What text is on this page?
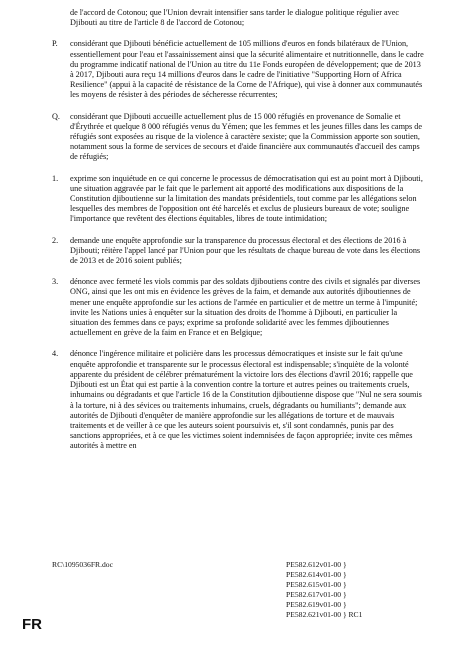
de l'accord de Cotonou; que l'Union devrait intensifier sans tarder le dialogue politique régulier avec Djibouti au titre de l'article 8 de l'accord de Cotonou;

P.	considérant que Djibouti bénéficie actuellement de 105 millions d'euros en fonds bilatéraux de l'Union, essentiellement pour l'eau et l'assainissement ainsi que la sécurité alimentaire et nutritionnelle, dans le cadre du programme indicatif national de l'Union au titre du 11e Fonds européen de développement; que de 2013 à 2017, Djibouti aura reçu 14 millions d'euros dans le cadre de l'initiative "Supporting Horn of Africa Resilience" (appui à la capacité de résistance de la Corne de l'Afrique), qui vise à donner aux communautés les moyens de résister à des périodes de sécheresse récurrentes;
Q.	considérant que Djibouti accueille actuellement plus de 15 000 réfugiés en provenance de Somalie et d'Érythrée et quelque 8 000 réfugiés venus du Yémen; que les femmes et les jeunes filles dans les camps de réfugiés sont exposées au risque de la violence à caractère sexiste; que la Commission apporte son soutien, notamment sous la forme de services de secours et d'aide financière aux communautés d'accueil des camps de réfugiés;
1.	exprime son inquiétude en ce qui concerne le processus de démocratisation qui est au point mort à Djibouti, une situation aggravée par le fait que le parlement ait apporté des modifications aux dispositions de la Constitution djiboutienne sur la limitation des mandats présidentiels, tout comme par les allégations selon lesquelles des membres de l'opposition ont été harcelés et exclus de plusieurs bureaux de vote; souligne l'importance que revêtent des élections équitables, libres de toute intimidation;
2.	demande une enquête approfondie sur la transparence du processus électoral et des élections de 2016 à Djibouti; réitère l'appel lancé par l'Union pour que les résultats de chaque bureau de vote dans les élections de 2013 et de 2016 soient publiés;
3.	dénonce avec fermeté les viols commis par des soldats djiboutiens contre des civils et signalés par diverses ONG, ainsi que les ont mis en évidence les grèves de la faim, et demande aux autorités djiboutiennes de mener une enquête approfondie sur les actions de l'armée en particulier et de mettre un terme à l'impunité; invite les Nations unies à enquêter sur la situation des droits de l'homme à Djibouti, en particulier la situation des femmes dans ce pays; exprime sa profonde solidarité avec les femmes djiboutiennes actuellement en grève de la faim en France et en Belgique;
4.	dénonce l'ingérence militaire et policière dans les processus démocratiques et insiste sur le fait qu'une enquête approfondie et transparente sur le processus électoral est indispensable; s'inquiète de la volonté apparente du président de célébrer prématurément la victoire lors des élections d'avril 2016; rappelle que Djibouti est un État qui est partie à la convention contre la torture et autres peines ou traitements cruels, inhumains ou dégradants et que l'article 16 de la Constitution djiboutienne dispose que "Nul ne sera soumis à la torture, ni à des sévices ou traitements inhumains, cruels, dégradants ou humiliants"; demande aux autorités de Djibouti d'enquêter de manière approfondie sur les allégations de torture et de mauvais traitements et de veiller à ce que les auteurs soient poursuivis et, s'il sont condamnés, punis par des sanctions appropriées, et à ce que les victimes soient indemnisées de façon appropriée; invite ces mêmes autorités à mettre en
RC\1095036FR.doc	PE582.612v01-00 }
PE582.614v01-00 }
PE582.615v01-00 }
PE582.617v01-00 }
PE582.619v01-00 }
PE582.621v01-00 } RC1
FR
